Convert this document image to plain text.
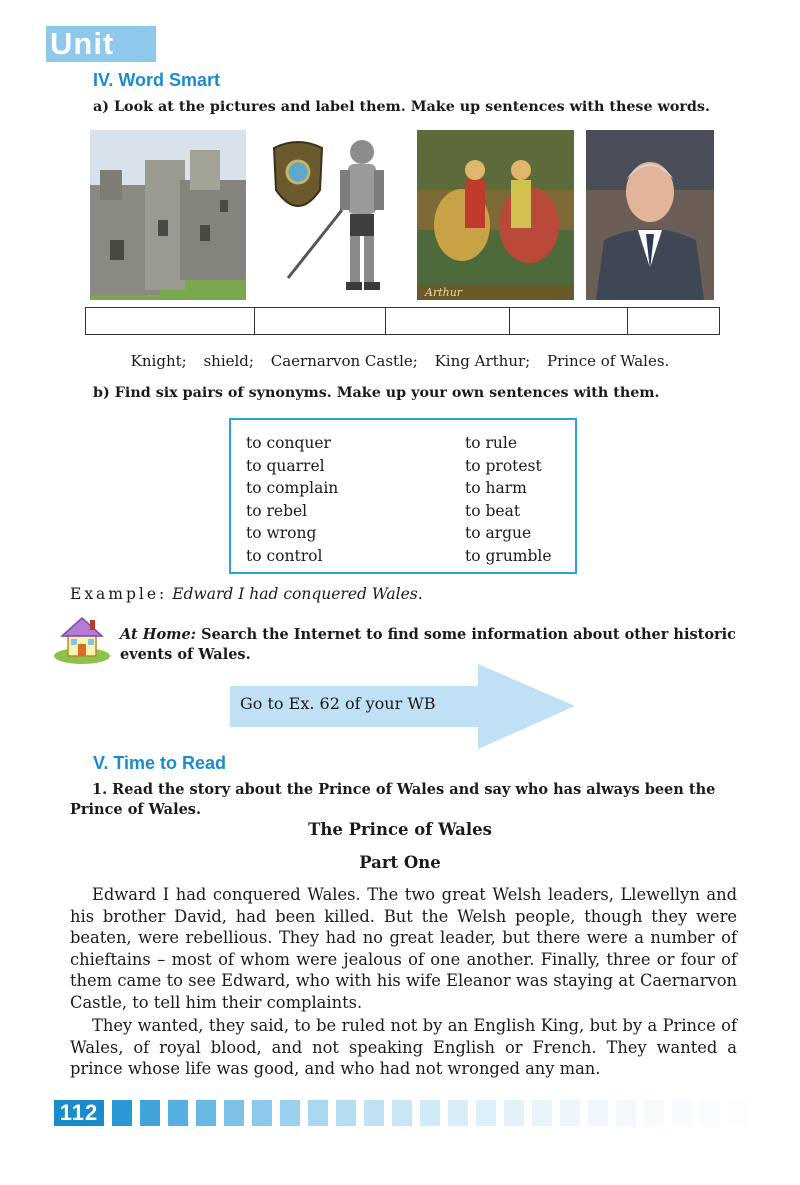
Unit 4 IV. Word Smart
a) Look at the pictures and label them. Make up sentences with these words.
Arthur
Knight; shield; Caernarvon Castle; King Arthur; Prince of Wales.
b) Find six pairs of synonyms. Make up your own sentences with them.
to conquer
to quarrel
to complain
to rebel
to wrong
to control
to rule
to protest
to harm
to beat
to argue
to grumble
Example: Edward I had conquered Wales.
At Home: Search the Internet to find some information about other historic events of Wales.
Go to Ex. 62 of your WB
V. Time to Read
1. Read the story about the Prince of Wales and say who has always been the Prince of Wales.
The Prince of Wales
Part One
Edward I had conquered Wales. The two great Welsh leaders, Llewellyn and his brother David, had been killed. But the Welsh people, though they were beaten, were rebellious. They had no great leader, but there were a number of chieftains – most of whom were jealous of one another. Finally, three or four of them came to see Edward, who with his wife Eleanor was staying at Caernarvon Castle, to tell him their complaints.
They wanted, they said, to be ruled not by an English King, but by a Prince of Wales, of royal blood, and not speaking English or French. They wanted a prince whose life was good, and who had not wronged any man.
112
